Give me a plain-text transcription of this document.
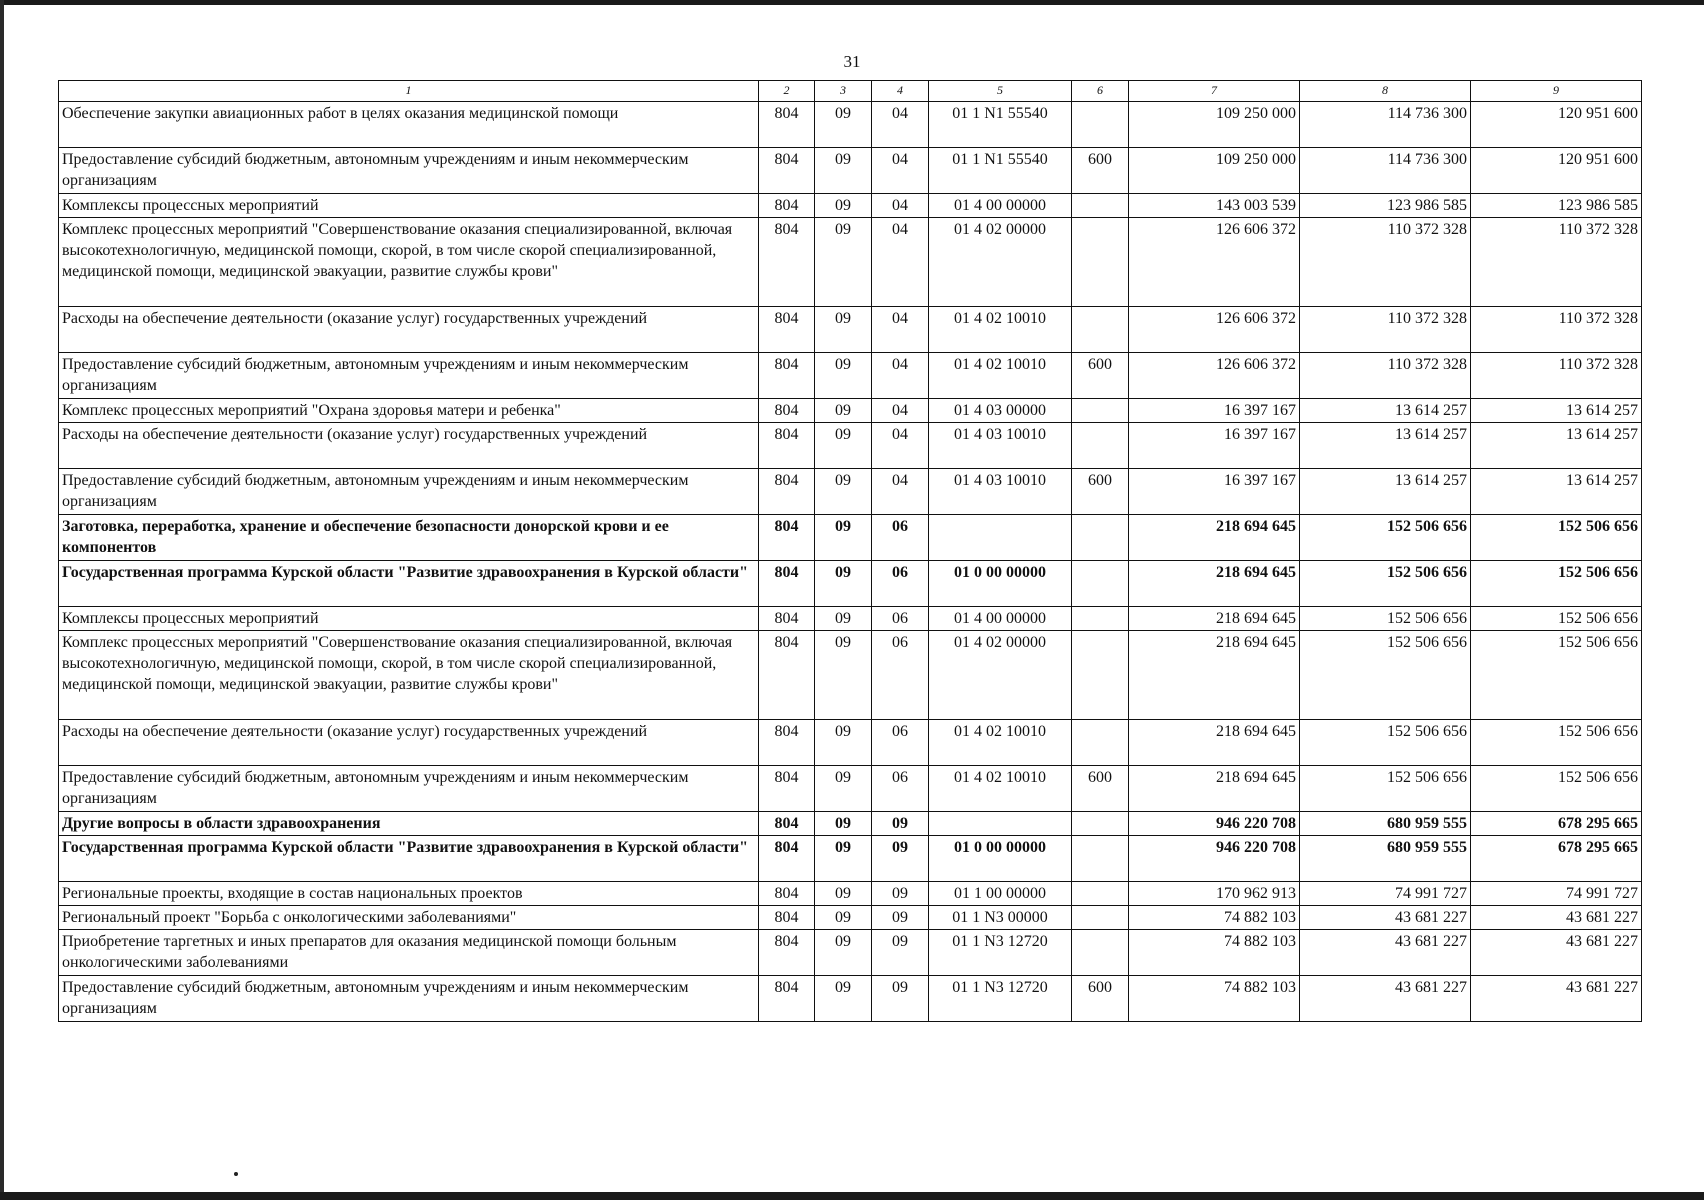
31
1	2	3	4	5	6	7	8	9
Обеспечение закупки авиационных работ в целях оказания медицинской помощи	804	09	04	01 1 N1 55540		109 250 000	114 736 300	120 951 600
Предоставление субсидий бюджетным, автономным учреждениям и иным некоммерческим организациям	804	09	04	01 1 N1 55540	600	109 250 000	114 736 300	120 951 600
Комплексы процессных мероприятий	804	09	04	01 4 00 00000		143 003 539	123 986 585	123 986 585
Комплекс процессных мероприятий "Совершенствование оказания специализированной, включая высокотехнологичную, медицинской помощи, скорой, в том числе скорой специализированной, медицинской помощи, медицинской эвакуации, развитие службы крови"	804	09	04	01 4 02 00000		126 606 372	110 372 328	110 372 328
Расходы на обеспечение деятельности (оказание услуг) государственных учреждений	804	09	04	01 4 02 10010		126 606 372	110 372 328	110 372 328
Предоставление субсидий бюджетным, автономным учреждениям и иным некоммерческим организациям	804	09	04	01 4 02 10010	600	126 606 372	110 372 328	110 372 328
Комплекс процессных мероприятий "Охрана здоровья матери и ребенка"	804	09	04	01 4 03 00000		16 397 167	13 614 257	13 614 257
Расходы на обеспечение деятельности (оказание услуг) государственных учреждений	804	09	04	01 4 03 10010		16 397 167	13 614 257	13 614 257
Предоставление субсидий бюджетным, автономным учреждениям и иным некоммерческим организациям	804	09	04	01 4 03 10010	600	16 397 167	13 614 257	13 614 257
Заготовка, переработка, хранение и обеспечение безопасности донорской крови и ее компонентов	804	09	06			218 694 645	152 506 656	152 506 656
Государственная программа Курской области "Развитие здравоохранения в Курской области"	804	09	06	01 0 00 00000		218 694 645	152 506 656	152 506 656
Комплексы процессных мероприятий	804	09	06	01 4 00 00000		218 694 645	152 506 656	152 506 656
Комплекс процессных мероприятий "Совершенствование оказания специализированной, включая высокотехнологичную, медицинской помощи, скорой, в том числе скорой специализированной, медицинской помощи, медицинской эвакуации, развитие службы крови"	804	09	06	01 4 02 00000		218 694 645	152 506 656	152 506 656
Расходы на обеспечение деятельности (оказание услуг) государственных учреждений	804	09	06	01 4 02 10010		218 694 645	152 506 656	152 506 656
Предоставление субсидий бюджетным, автономным учреждениям и иным некоммерческим организациям	804	09	06	01 4 02 10010	600	218 694 645	152 506 656	152 506 656
Другие вопросы в области здравоохранения	804	09	09			946 220 708	680 959 555	678 295 665
Государственная программа Курской области "Развитие здравоохранения в Курской области"	804	09	09	01 0 00 00000		946 220 708	680 959 555	678 295 665
Региональные проекты, входящие в состав национальных проектов	804	09	09	01 1 00 00000		170 962 913	74 991 727	74 991 727
Региональный проект "Борьба с онкологическими заболеваниями"	804	09	09	01 1 N3 00000		74 882 103	43 681 227	43 681 227
Приобретение таргетных и иных препаратов для оказания медицинской помощи больным онкологическими заболеваниями	804	09	09	01 1 N3 12720		74 882 103	43 681 227	43 681 227
Предоставление субсидий бюджетным, автономным учреждениям и иным некоммерческим организациям	804	09	09	01 1 N3 12720	600	74 882 103	43 681 227	43 681 227
